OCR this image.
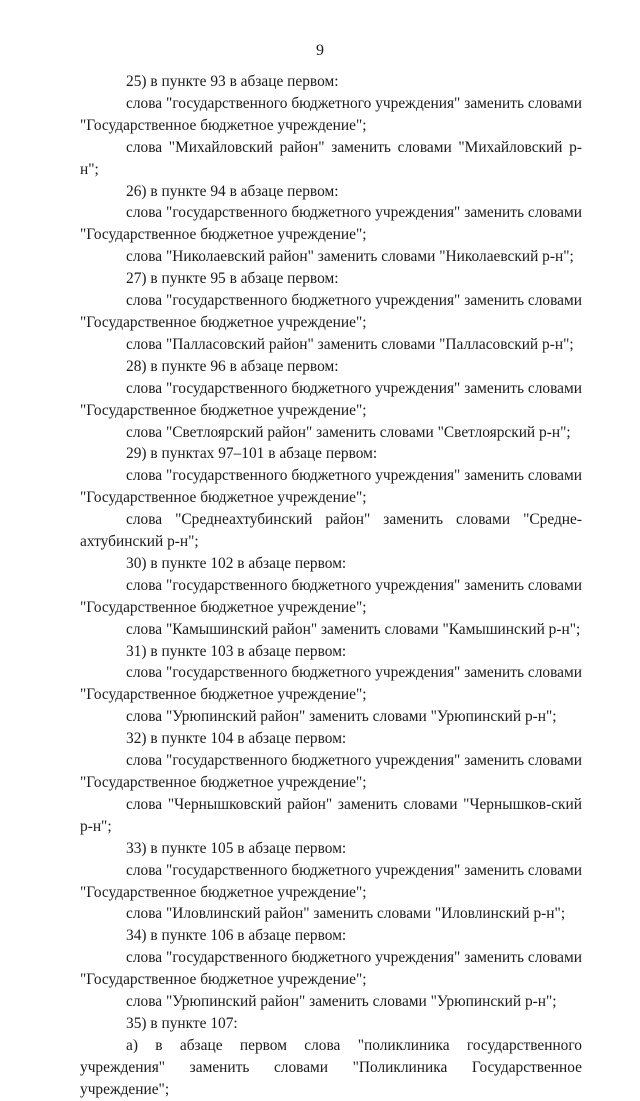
9

25) в пункте 93 в абзаце первом:

слова "государственного бюджетного учреждения" заменить словами "Государственное бюджетное учреждение";

слова "Михайловский район" заменить словами "Михайловский р-н";

26) в пункте 94 в абзаце первом:

слова "государственного бюджетного учреждения" заменить словами "Государственное бюджетное учреждение";

слова "Николаевский район" заменить словами "Николаевский р-н";

27) в пункте 95 в абзаце первом:

слова "государственного бюджетного учреждения" заменить словами "Государственное бюджетное учреждение";

слова "Палласовский район" заменить словами "Палласовский р-н";

28) в пункте 96 в абзаце первом:

слова "государственного бюджетного учреждения" заменить словами "Государственное бюджетное учреждение";

слова "Светлоярский район" заменить словами "Светлоярский р-н";

29) в пунктах 97–101 в абзаце первом:

слова "государственного бюджетного учреждения" заменить словами "Государственное бюджетное учреждение";

слова "Среднеахтубинский район" заменить словами "Средне-ахтубинский р-н";

30) в пункте 102 в абзаце первом:

слова "государственного бюджетного учреждения" заменить словами "Государственное бюджетное учреждение";

слова "Камышинский район" заменить словами "Камышинский р-н";

31) в пункте 103 в абзаце первом:

слова "государственного бюджетного учреждения" заменить словами "Государственное бюджетное учреждение";

слова "Урюпинский район" заменить словами "Урюпинский р-н";

32) в пункте 104 в абзаце первом:

слова "государственного бюджетного учреждения" заменить словами "Государственное бюджетное учреждение";

слова "Чернышковский район" заменить словами "Чернышков-ский р-н";

33) в пункте 105 в абзаце первом:

слова "государственного бюджетного учреждения" заменить словами "Государственное бюджетное учреждение";

слова "Иловлинский район" заменить словами "Иловлинский р-н";

34) в пункте 106 в абзаце первом:

слова "государственного бюджетного учреждения" заменить словами "Государственное бюджетное учреждение";

слова "Урюпинский район" заменить словами "Урюпинский р-н";

35) в пункте 107:

а) в абзаце первом слова "поликлиника государственного учреждения" заменить словами "Поликлиника Государственное учреждение";
